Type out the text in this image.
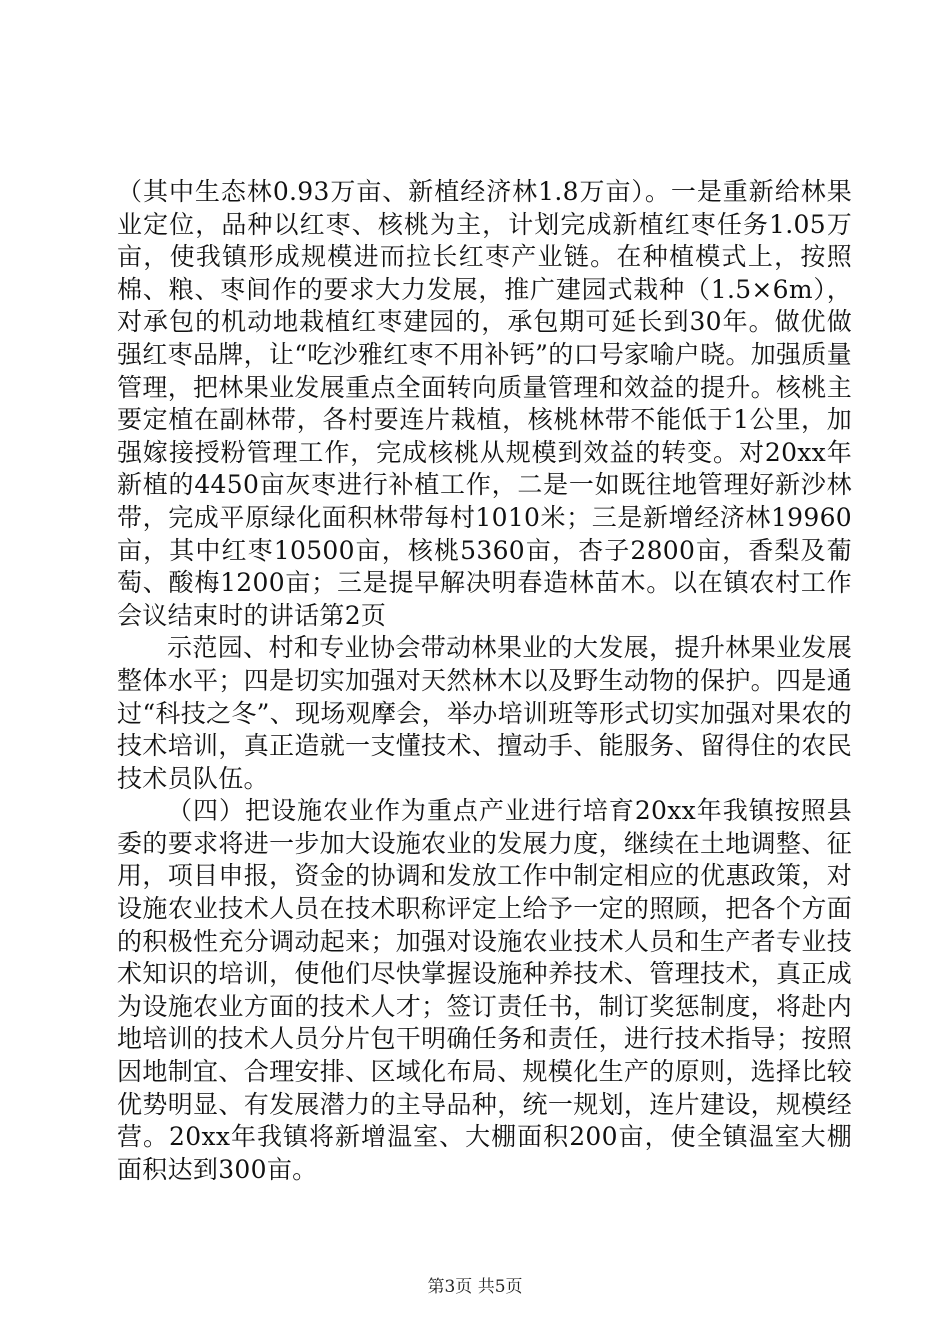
（其中生态林0.93万亩、新植经济林1.8万亩）。一是重新给林果业定位，品种以红枣、核桃为主，计划完成新植红枣任务1.05万亩，使我镇形成规模进而拉长红枣产业链。在种植模式上，按照棉、粮、枣间作的要求大力发展，推广建园式栽种（1.5×6m），对承包的机动地栽植红枣建园的，承包期可延长到30年。做优做强红枣品牌，让“吃沙雅红枣不用补钙”的口号家喻户晓。加强质量管理，把林果业发展重点全面转向质量管理和效益的提升。核桃主要定植在副林带，各村要连片栽植，核桃林带不能低于1公里，加强嫁接授粉管理工作，完成核桃从规模到效益的转变。对20xx年新植的4450亩灰枣进行补植工作，二是一如既往地管理好新沙林带，完成平原绿化面积林带每村1010米；三是新增经济林19960亩，其中红枣10500亩，核桃5360亩，杏子2800亩，香梨及葡萄、酸梅1200亩；三是提早解决明春造林苗木。以在镇农村工作会议结束时的讲话第2页

示范园、村和专业协会带动林果业的大发展，提升林果业发展整体水平；四是切实加强对天然林木以及野生动物的保护。四是通过“科技之冬”、现场观摩会，举办培训班等形式切实加强对果农的技术培训，真正造就一支懂技术、擅动手、能服务、留得住的农民技术员队伍。

（四）把设施农业作为重点产业进行培育20xx年我镇按照县委的要求将进一步加大设施农业的发展力度，继续在土地调整、征用，项目申报，资金的协调和发放工作中制定相应的优惠政策，对设施农业技术人员在技术职称评定上给予一定的照顾，把各个方面的积极性充分调动起来；加强对设施农业技术人员和生产者专业技术知识的培训，使他们尽快掌握设施种养技术、管理技术，真正成为设施农业方面的技术人才；签订责任书，制订奖惩制度，将赴内地培训的技术人员分片包干明确任务和责任，进行技术指导；按照因地制宜、合理安排、区域化布局、规模化生产的原则，选择比较优势明显、有发展潜力的主导品种，统一规划，连片建设，规模经营。20xx年我镇将新增温室、大棚面积200亩，使全镇温室大棚面积达到300亩。

第3页 共5页
